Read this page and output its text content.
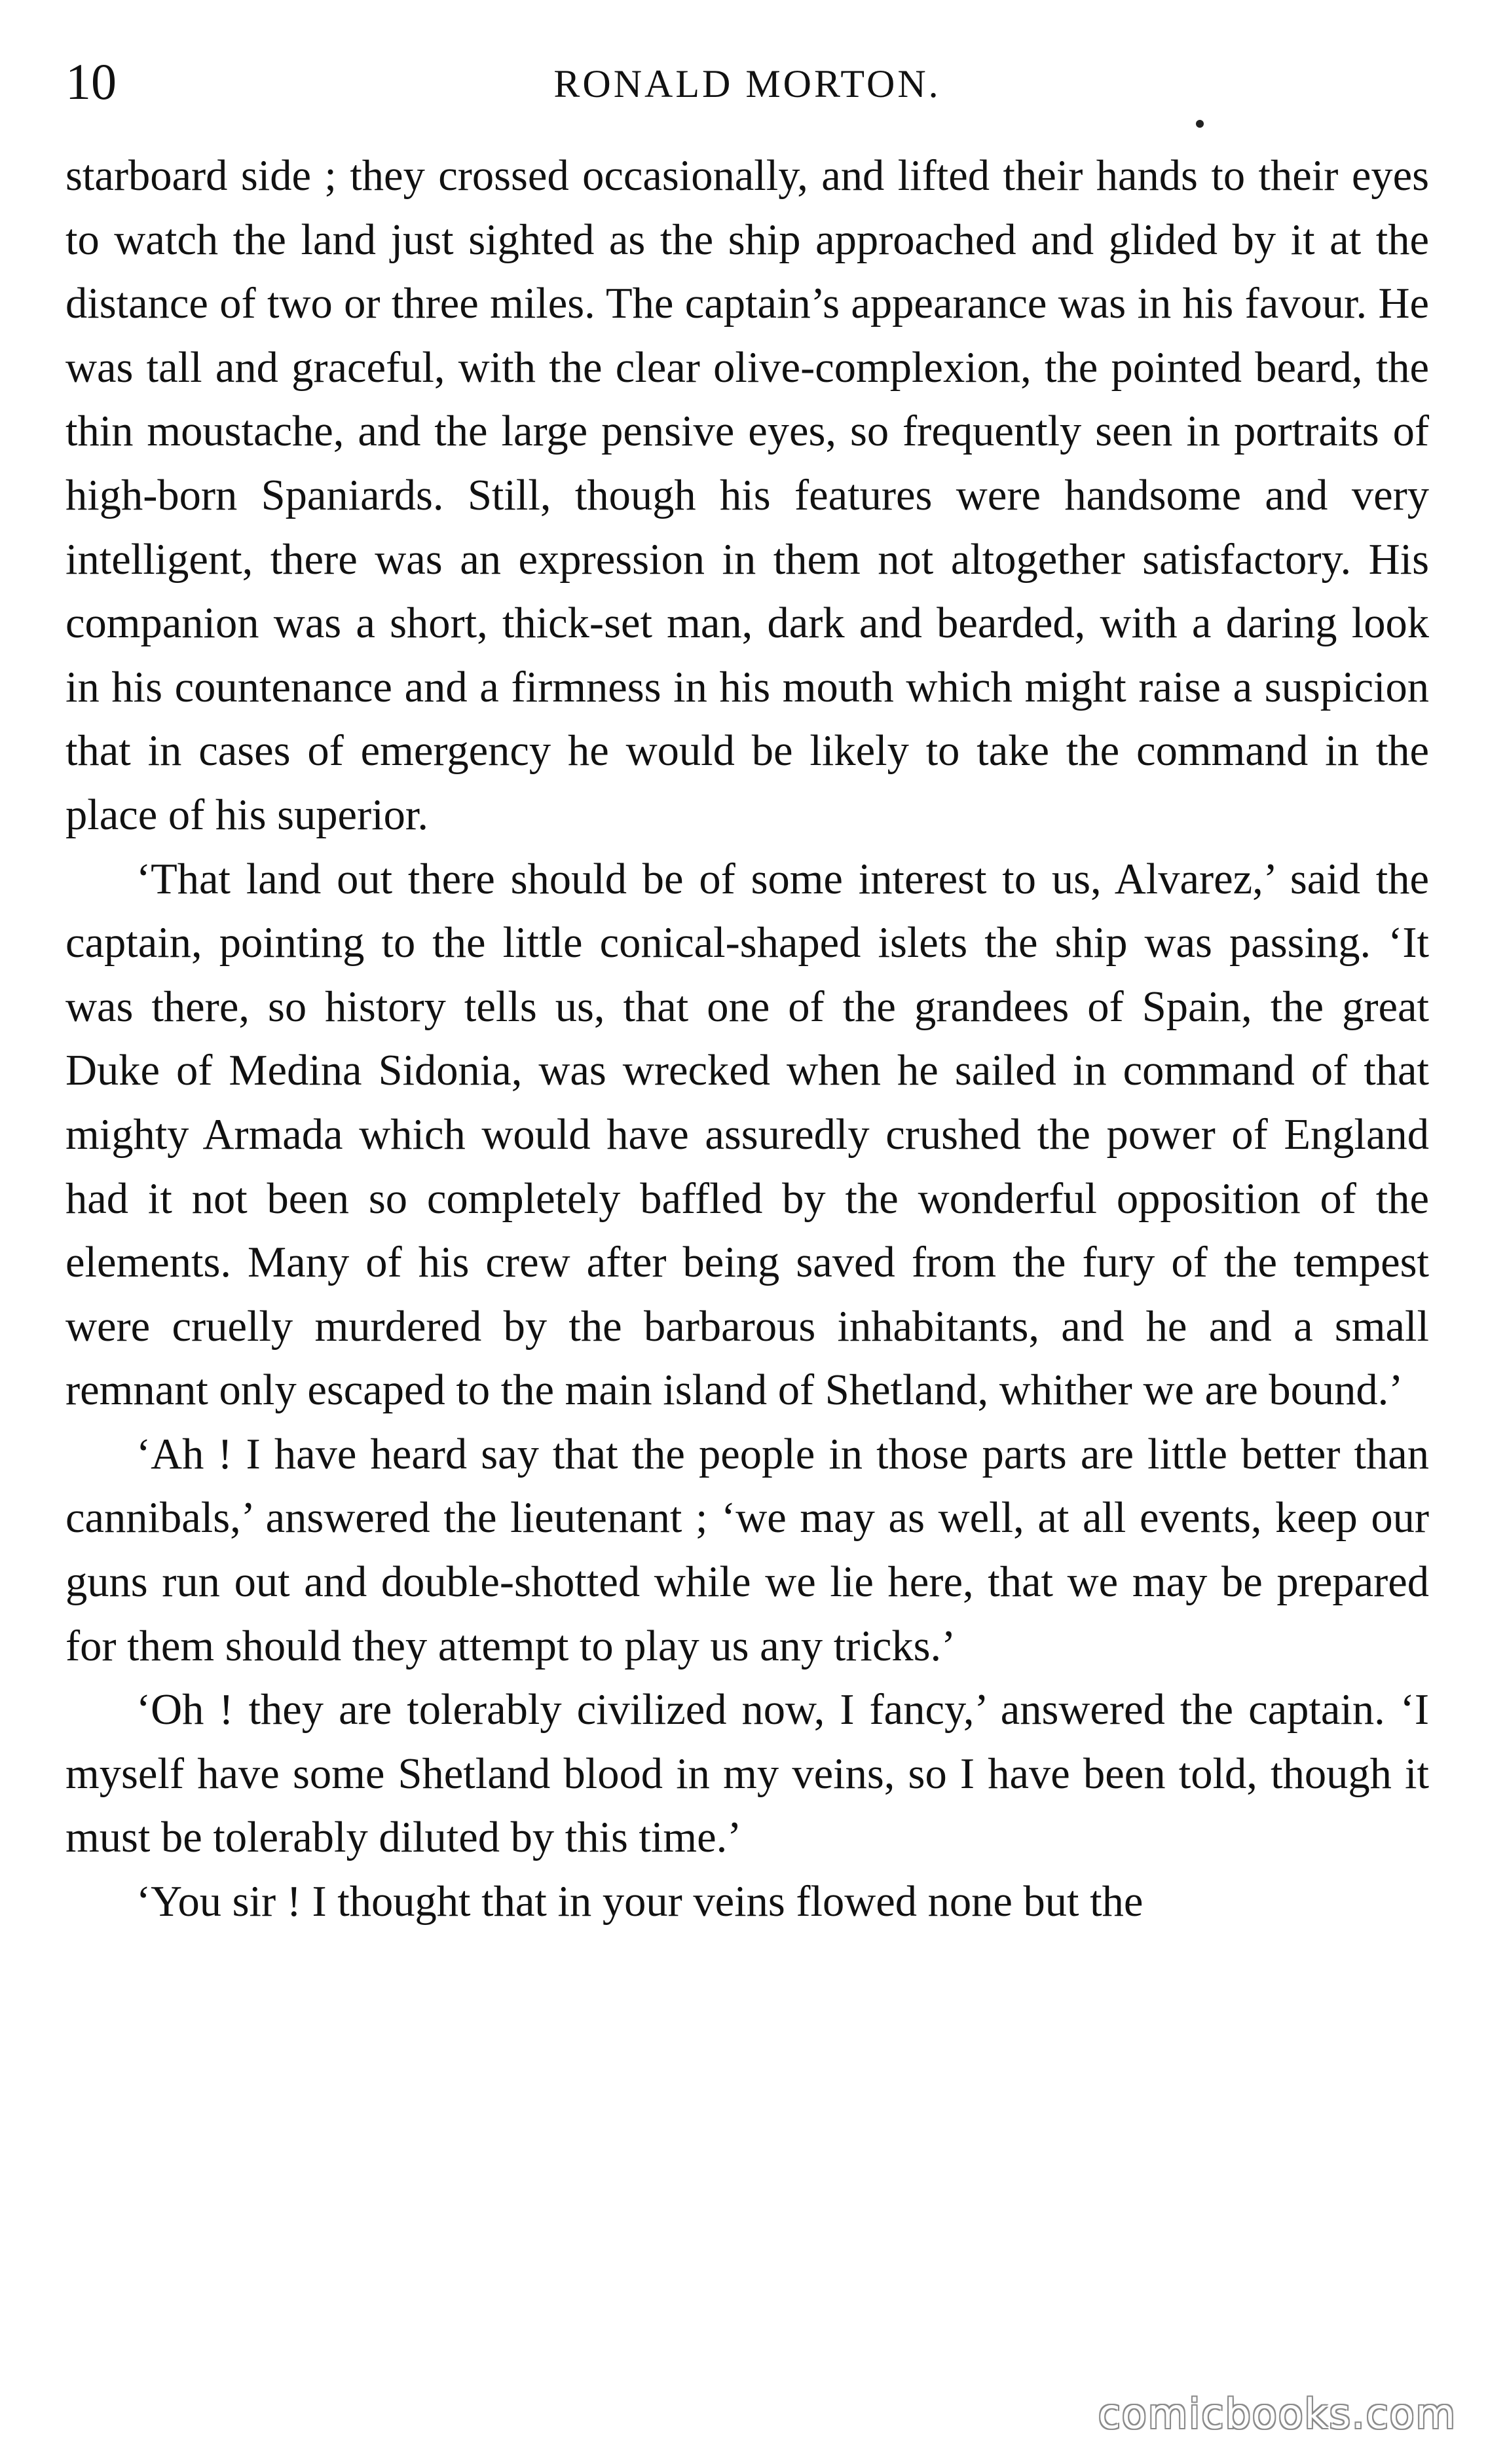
10	RONALD MORTON.

starboard side ; they crossed occasionally, and lifted their hands to their eyes to watch the land just sighted as the ship approached and glided by it at the distance of two or three miles. The captain’s appearance was in his favour. He was tall and graceful, with the clear olive-complexion, the pointed beard, the thin moustache, and the large pensive eyes, so frequently seen in portraits of high-born Spaniards. Still, though his features were handsome and very intelligent, there was an expression in them not altogether satisfactory. His companion was a short, thick-set man, dark and bearded, with a daring look in his countenance and a firmness in his mouth which might raise a suspicion that in cases of emergency he would be likely to take the command in the place of his superior.

‘That land out there should be of some interest to us, Alvarez,’ said the captain, pointing to the little conical-shaped islets the ship was passing. ‘It was there, so history tells us, that one of the grandees of Spain, the great Duke of Medina Sidonia, was wrecked when he sailed in command of that mighty Armada which would have assuredly crushed the power of England had it not been so completely baffled by the wonderful opposition of the elements. Many of his crew after being saved from the fury of the tempest were cruelly murdered by the barbarous inhabitants, and he and a small remnant only escaped to the main island of Shetland, whither we are bound.’

‘Ah ! I have heard say that the people in those parts are little better than cannibals,’ answered the lieutenant ; ‘we may as well, at all events, keep our guns run out and double-shotted while we lie here, that we may be prepared for them should they attempt to play us any tricks.’

‘Oh ! they are tolerably civilized now, I fancy,’ answered the captain. ‘I myself have some Shetland blood in my veins, so I have been told, though it must be tolerably diluted by this time.’

‘You sir ! I thought that in your veins flowed none but the

comicbooks.com
